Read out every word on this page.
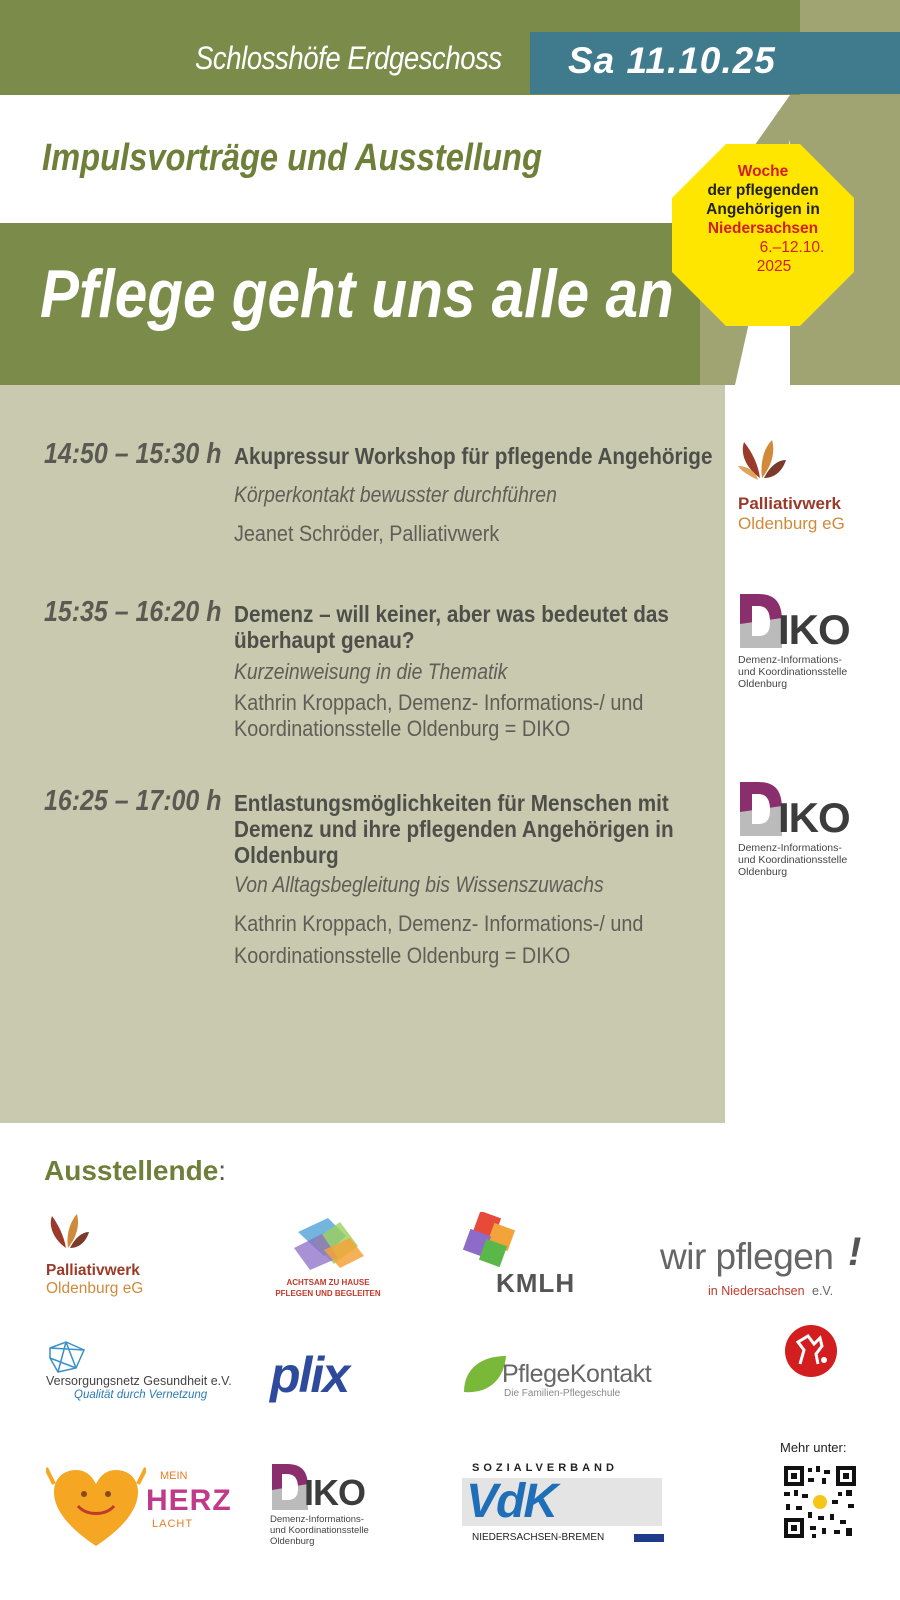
Schlosshöfe Erdgeschoss Sa 11.10.25
Impulsvorträge und Ausstellung
Pflege geht uns alle an
Woche
der pflegenden
Angehörigen in
Niedersachsen
6.–12.10.
2025
14:50 – 15:30 h Akupressur Workshop für pflegende Angehörige
Körperkontakt bewusster durchführen
Jeanet Schröder, Palliativwerk
15:35 – 16:20 h Demenz – will keiner, aber was bedeutet das
überhaupt genau?
Kurzeinweisung in die Thematik
Kathrin Kroppach, Demenz- Informations-/ und
Koordinationsstelle Oldenburg = DIKO
16:25 – 17:00 h Entlastungsmöglichkeiten für Menschen mit
Demenz und ihre pflegenden Angehörigen in
Oldenburg
Von Alltagsbegleitung bis Wissenszuwachs
Kathrin Kroppach, Demenz- Informations-/ und
Koordinationsstelle Oldenburg = DIKO
Palliativwerk
Oldenburg eG
IKO
Demenz-Informations-
und Koordinationsstelle
Oldenburg
IKO
Demenz-Informations-
und Koordinationsstelle
Oldenburg
Ausstellende:
Palliativwerk
Oldenburg eG	ACHTSAM ZU HAUSE
PFLEGEN UND BEGLEITEN	KMLH
wir pflegen !
in Niedersachsen e.V.
Versorgungsnetz Gesundheit e.V.
Qualität durch Vernetzung plix	PflegeKontakt
Die Familien-Pflegeschule
MEIN
HERZ
LACHT
IKO
Demenz-Informations-
und Koordinationsstelle
Oldenburg
SOZIALVERBAND
VdK
NIEDERSACHSEN-BREMEN
Mehr unter:
